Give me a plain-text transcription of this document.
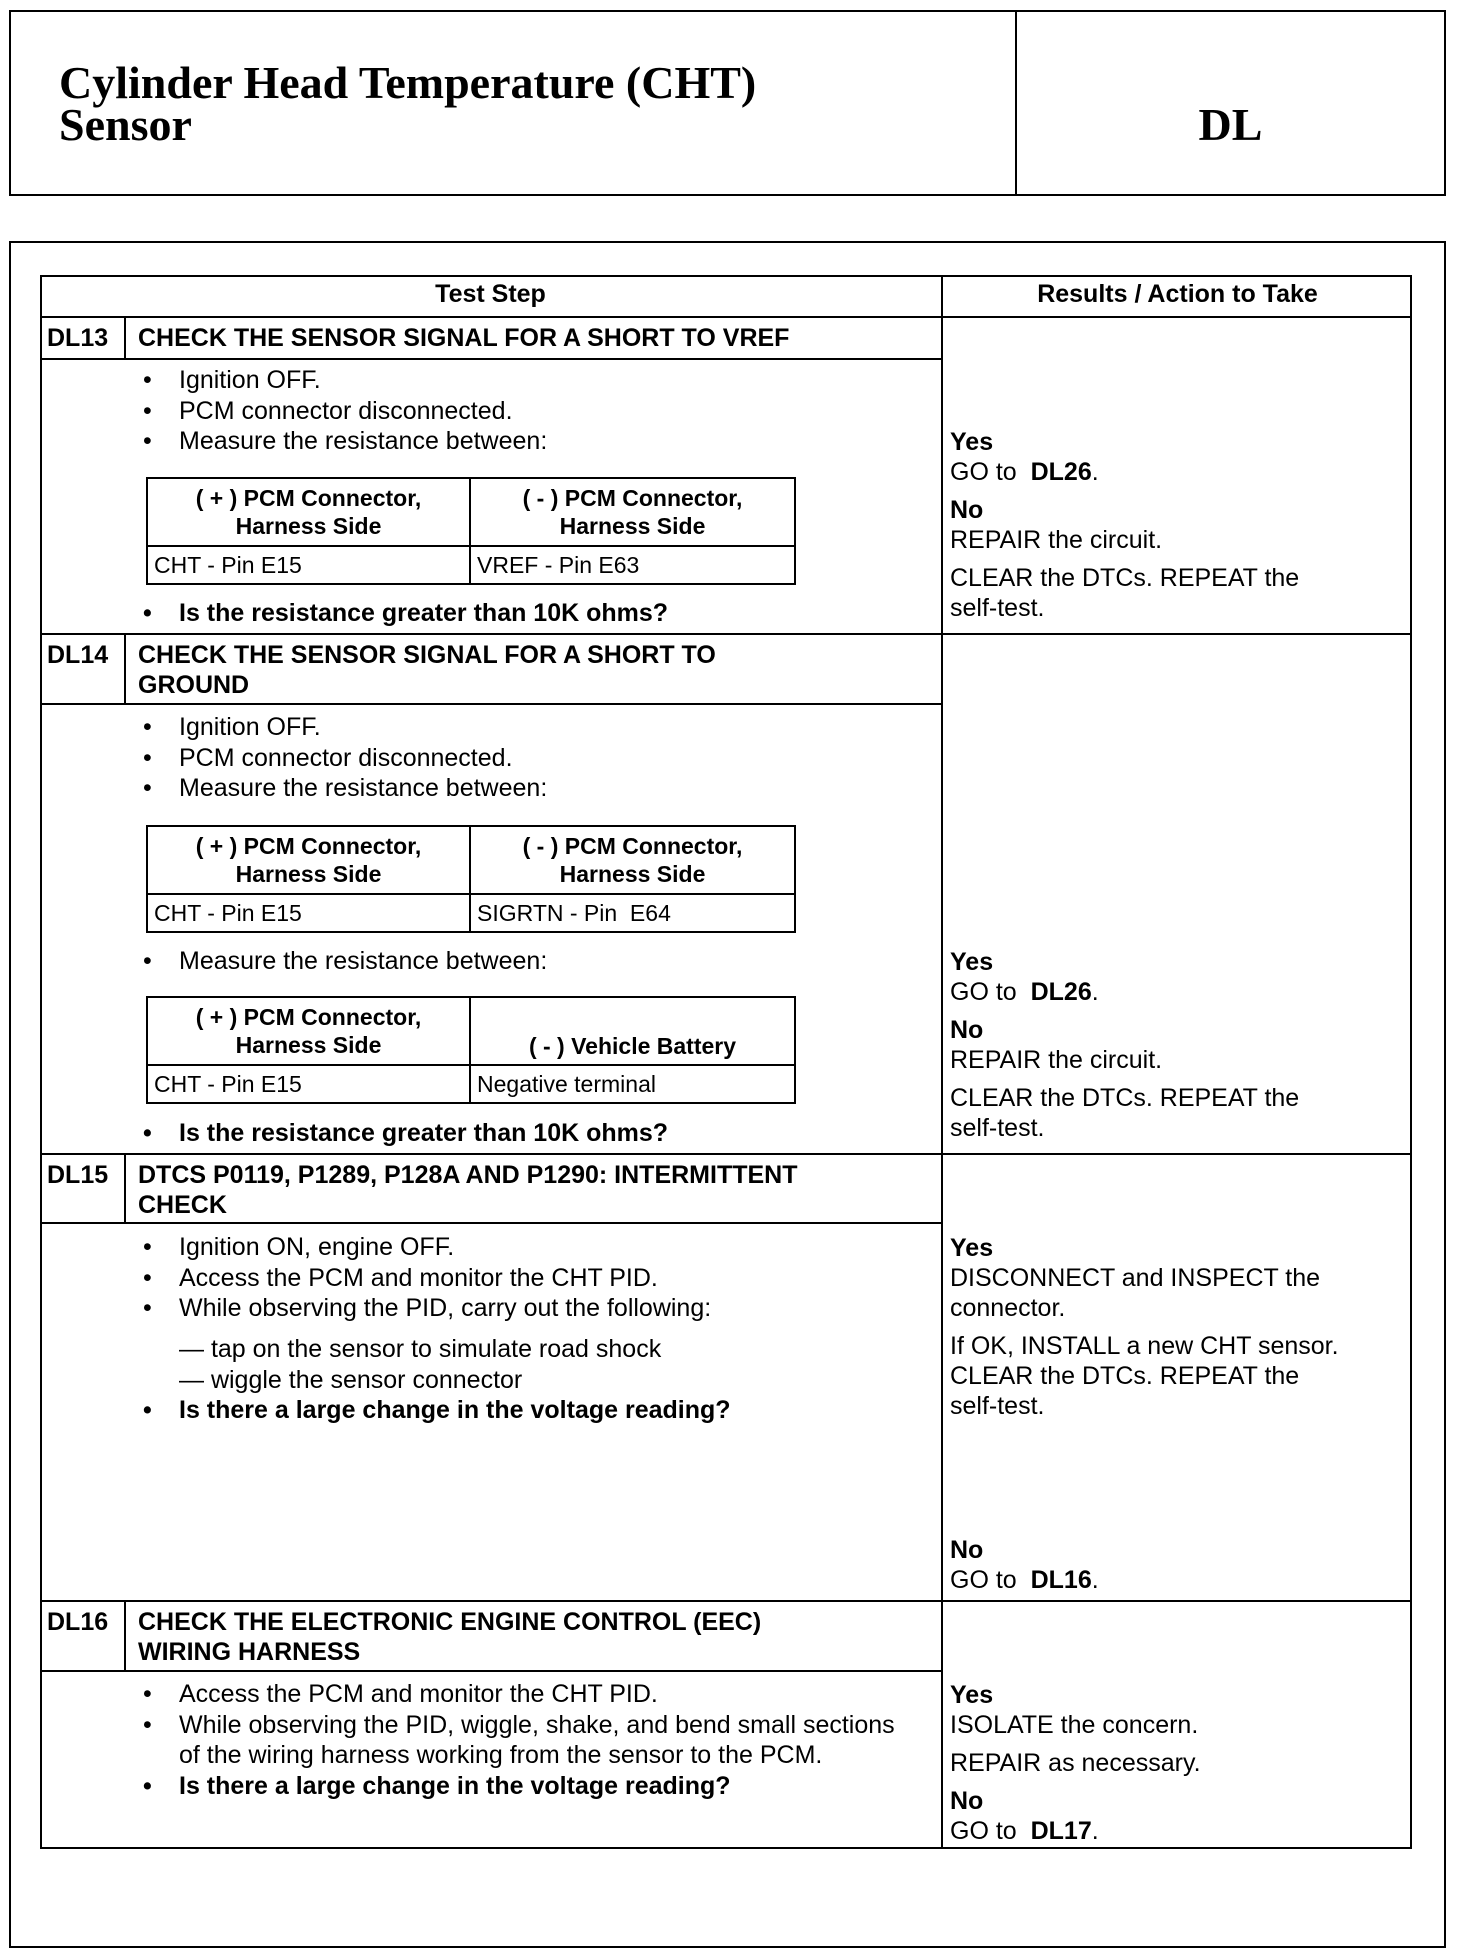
Cylinder Head Temperature (CHT)
Sensor	DL
Test Step	Results / Action to Take
DL13 CHECK THE SENSOR SIGNAL FOR A SHORT TO VREF
• Ignition OFF.
• PCM connector disconnected.
• Measure the resistance between:
( + ) PCM Connector,
Harness Side	( - ) PCM Connector,
Harness Side
CHT - Pin E15	VREF - Pin E63
• Is the resistance greater than 10K ohms?
Yes
GO to DL26.
No
REPAIR the circuit.
CLEAR the DTCs. REPEAT the
self-test.
DL14 CHECK THE SENSOR SIGNAL FOR A SHORT TO
GROUND
• Ignition OFF.
• PCM connector disconnected.
• Measure the resistance between:
( + ) PCM Connector,
Harness Side	( - ) PCM Connector,
Harness Side
CHT - Pin E15	SIGRTN - Pin  E64
• Measure the resistance between:
( + ) PCM Connector,
Harness Side	( - ) Vehicle Battery
CHT - Pin E15	Negative terminal
• Is the resistance greater than 10K ohms?
Yes
GO to DL26.
No
REPAIR the circuit.
CLEAR the DTCs. REPEAT the
self-test.
DL15 DTCS P0119, P1289, P128A AND P1290: INTERMITTENT
CHECK
• Ignition ON, engine OFF.
• Access the PCM and monitor the CHT PID.
• While observing the PID, carry out the following:
— tap on the sensor to simulate road shock
— wiggle the sensor connector
• Is there a large change in the voltage reading?
Yes
DISCONNECT and INSPECT the
connector.
If OK, INSTALL a new CHT sensor.
CLEAR the DTCs. REPEAT the
self-test.
No
GO to DL16.
DL16 CHECK THE ELECTRONIC ENGINE CONTROL (EEC)
WIRING HARNESS
• Access the PCM and monitor the CHT PID.
• While observing the PID, wiggle, shake, and bend small sections of the wiring harness working from the sensor to the PCM.
• Is there a large change in the voltage reading?
Yes
ISOLATE the concern.
REPAIR as necessary.
No
GO to DL17.
